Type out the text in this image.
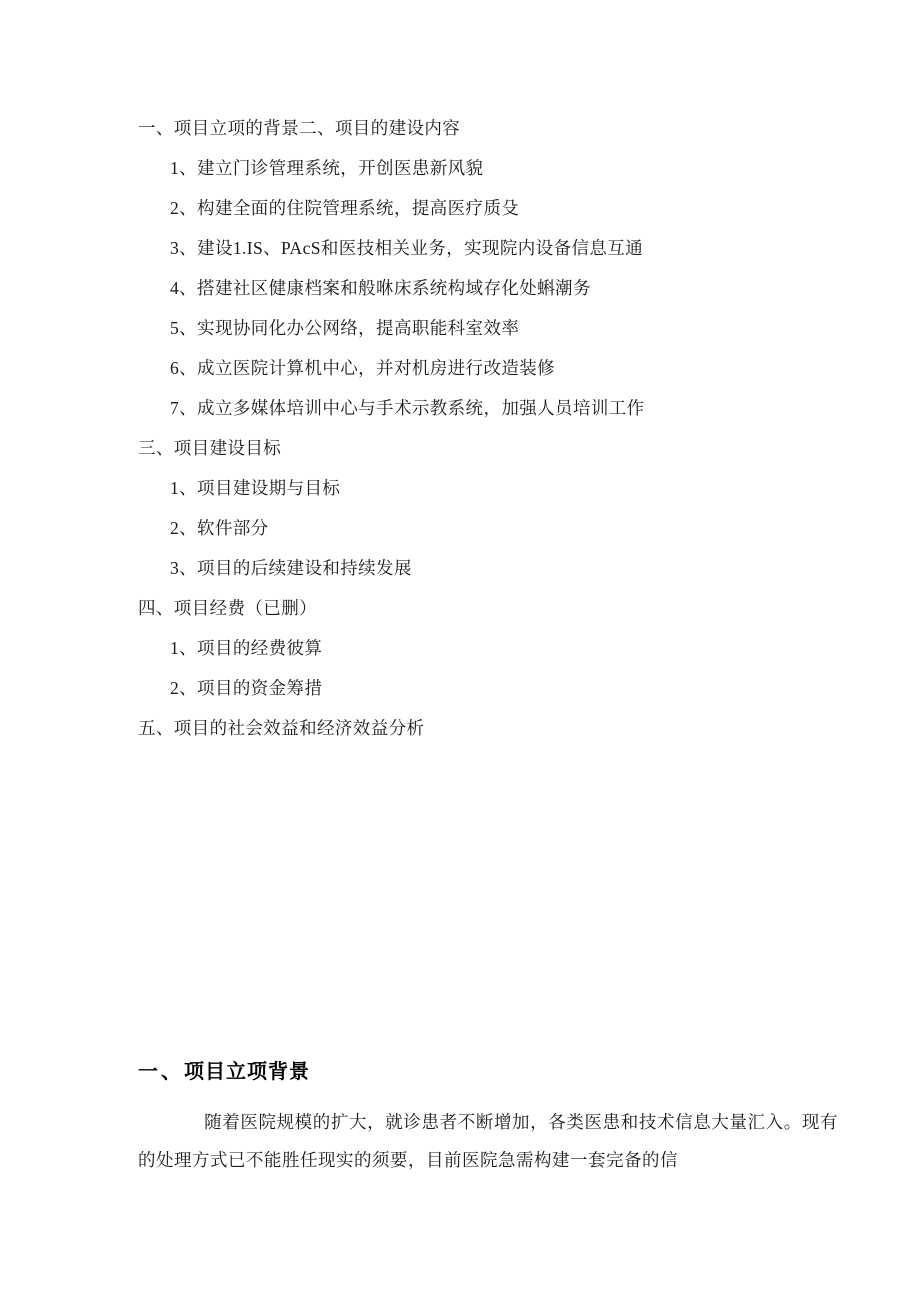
一、项目立项的背景二、项目的建设内容
1、建立门诊管理系统，开创医患新风貌
2、构建全面的住院管理系统，提高医疗质殳
3、建设1.IS、PAcS和医技相关业务，实现院内设备信息互通
4、搭建社区健康档案和般咻床系统构域存化处蝌潮务
5、实现协同化办公网络，提高职能科室效率
6、成立医院计算机中心，并对机房进行改造装修
7、成立多媒体培训中心与手术示教系统，加强人员培训工作
三、项目建设目标
1、项目建设期与目标
2、软件部分
3、项目的后续建设和持续发展
四、项目经费（已删）
1、项目的经费彼算
2、项目的资金筹措
五、项目的社会效益和经济效益分析
一、项目立项背景

随着医院规模的扩大，就诊患者不断增加，各类医患和技术信息大量汇入。现有的处理方式已不能胜任现实的须要，目前医院急需构建一套完备的信
